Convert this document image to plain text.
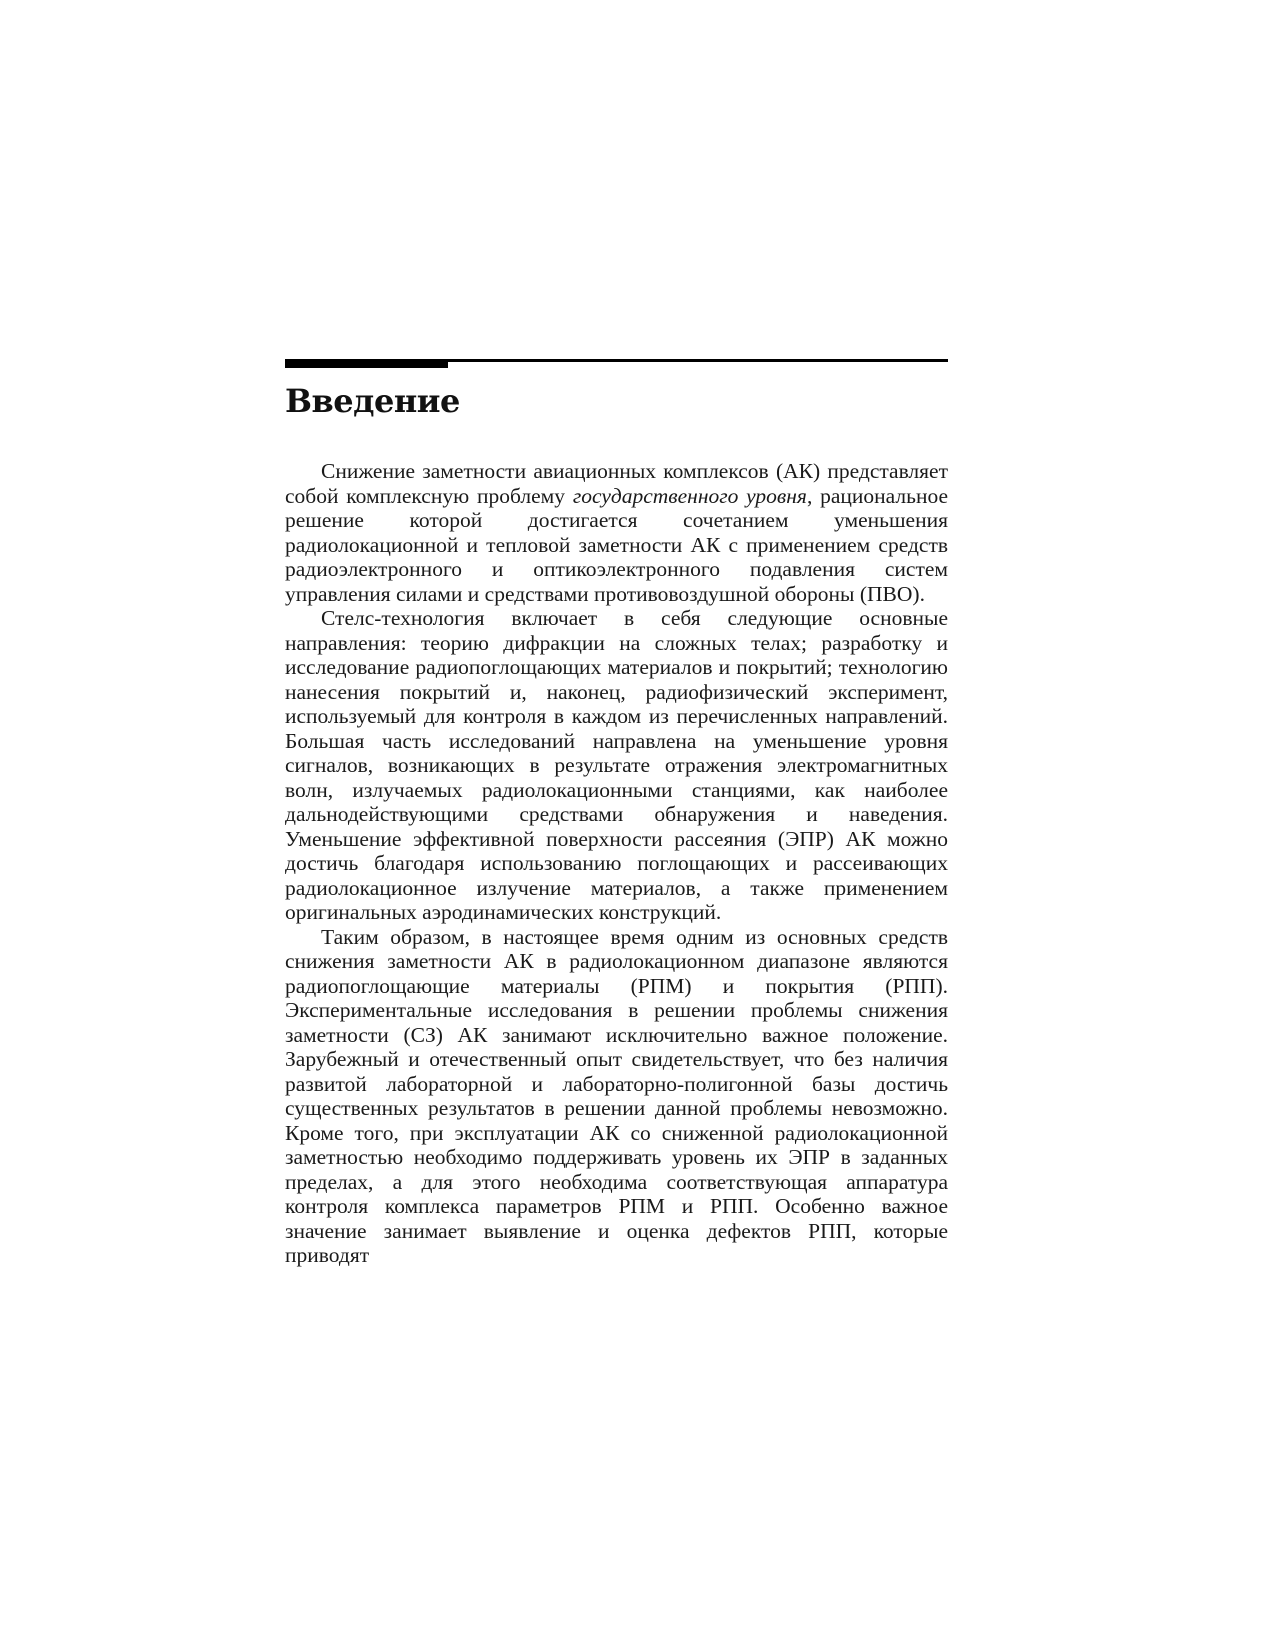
Введение

Снижение заметности авиационных комплексов (АК) представляет собой комплексную проблему государственного уровня, рациональное решение которой достигается сочетанием уменьшения радиолокационной и тепловой заметности АК с применением средств радиоэлектронного и оптикоэлектронного подавления систем управления силами и средствами противовоздушной обороны (ПВО).

Стелс-технология включает в себя следующие основные направления: теорию дифракции на сложных телах; разработку и исследование радиопоглощающих материалов и покрытий; технологию нанесения покрытий и, наконец, радиофизический эксперимент, используемый для контроля в каждом из перечисленных направлений. Большая часть исследований направлена на уменьшение уровня сигналов, возникающих в результате отражения электромагнитных волн, излучаемых радиолокационными станциями, как наиболее дальнодействующими средствами обнаружения и наведения. Уменьшение эффективной поверхности рассеяния (ЭПР) АК можно достичь благодаря использованию поглощающих и рассеивающих радиолокационное излучение материалов, а также применением оригинальных аэродинамических конструкций.

Таким образом, в настоящее время одним из основных средств снижения заметности АК в радиолокационном диапазоне являются радиопоглощающие материалы (РПМ) и покрытия (РПП). Экспериментальные исследования в решении проблемы снижения заметности (СЗ) АК занимают исключительно важное положение. Зарубежный и отечественный опыт свидетельствует, что без наличия развитой лабораторной и лабораторно-полигонной базы достичь существенных результатов в решении данной проблемы невозможно. Кроме того, при эксплуатации АК со сниженной радиолокационной заметностью необходимо поддерживать уровень их ЭПР в заданных пределах, а для этого необходима соответствующая аппаратура контроля комплекса параметров РПМ и РПП. Особенно важное значение занимает выявление и оценка дефектов РПП, которые приводят
